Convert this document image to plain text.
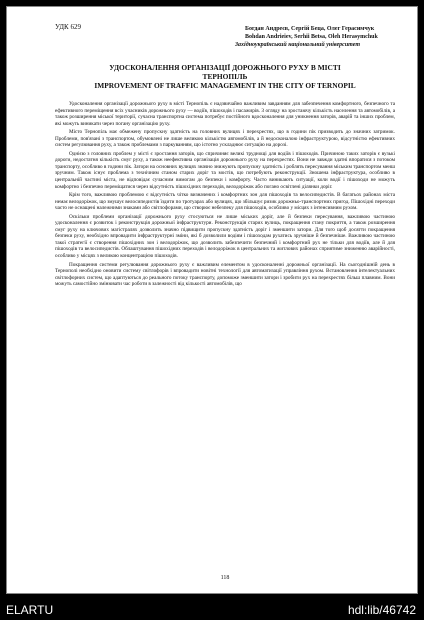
УДК 629	Богдан Андреєв, Сергій Беца, Олег Герасимчук
Bohdan Andrieiev, Serhii Betsa, Oleh Herasymchuk
Західноукраїнський національний університет
УДОСКОНАЛЕННЯ ОРГАНІЗАЦІЇ ДОРОЖНЬОГО РУХУ В МІСТІ
ТЕРНОПІЛЬ
IMPROVEMENT OF TRAFFIC MANAGEMENT IN THE CITY OF TERNOPIL

Удосконалення організації дорожнього руху в місті Тернопіль є надзвичайно важливим завданням для забезпечення комфортного, безпечного та ефективного переміщення всіх учасників дорожнього руху — водіїв, пішоходів і пасажирів. З огляду на зростаючу кількість населення та автомобілів, а також розширення міської території, сучасна транспортна система потребує постійного вдосконалення для уникнення заторів, аварій та інших проблем, які можуть виникати через погану організацію руху.

Місто Тернопіль має обмежену пропускну здатність на головних вулицях і перехрестях, що в години пік призводить до значних затримок. Проблеми, пов'язані з транспортом, обумовлені не лише великою кількістю автомобілів, а й недосконалою інфраструктурою, відсутністю ефективних систем регулювання руху, а також проблемами з паркуванням, що істотно ускладнює ситуацію на дорозі.

Однією з головних проблем у місті є зростання заторів, що спричиняє великі труднощі для водіїв і пішоходів. Причиною таких заторів є вузькі дороги, недостатня кількість смуг руху, а також неефективна організація дорожнього руху на перехрестях. Вони не завжди здатні впоратися з потоком транспорту, особливо в години пік. Затори на основних вулицях значно знижують пропускну здатність і роблять пересування міським транспортом менш зручним. Також існує проблема з технічним станом старих доріг та мостів, що потребують реконструкції. Зношена інфраструктура, особливо в центральній частині міста, не відповідає сучасним вимогам до безпеки і комфорту. Часто виникають ситуації, коли водії і пішоходи не можуть комфортно і безпечно переміщатися через відсутність пішохідних переходів, велодоріжок або погано освітлені ділянки доріг.

Крім того, важливою проблемою є відсутність чітко визначених і комфортних зон для пішоходів та велосипедистів. В багатьох районах міста немає велодоріжок, що змушує велосипедистів їздити по тротуарах або вулицях, що збільшує ризик дорожньо-транспортних пригод. Пішохідні переходи часто не оснащені належними знаками або світлофорами, що створює небезпеку для пішоходів, особливо у місцях з інтенсивним рухом.

Оскільки проблеми організації дорожнього руху стосуються не лише міських доріг, але й безпеки пересування, важливою частиною удосконалення є розвиток і реконструкція дорожньої інфраструктури. Реконструкція старих вулиць, покращення стану покриття, а також розширення смуг руху на ключових магістралях дозволить значно підвищити пропускну здатність доріг і зменшити затори. Для того щоб досягти покращення безпеки руху, необхідно впровадити інфраструктурні зміни, які б дозволили водіям і пішоходам рухатись зручніше й безпечніше. Важливою частиною такої стратегії є створення пішохідних зон і велодоріжок, що дозволить забезпечити безпечний і комфортний рух не тільки для водіїв, але й для пішоходів та велосипедистів. Облаштування пішохідних переходів і велодоріжок в центральних та житлових районах сприятиме зниженню аварійності, особливо у місцях з великою концентрацією пішоходів.

Покращення системи регулювання дорожнього руху є важливим елементом в удосконаленні дорожньої організації. На сьогоднішній день в Тернополі необхідно оновити систему світлофорів і впровадити новітні технології для автоматизації управління рухом. Встановлення інтелектуальних світлофорних систем, що адаптуються до реального потоку транспорту, допоможе зменшити затори і зробити рух на перехрестях більш плавним. Вони можуть самостійно змінювати час роботи в залежності від кількості автомобілів, що

118
ELARTU	hdl:lib/46742
